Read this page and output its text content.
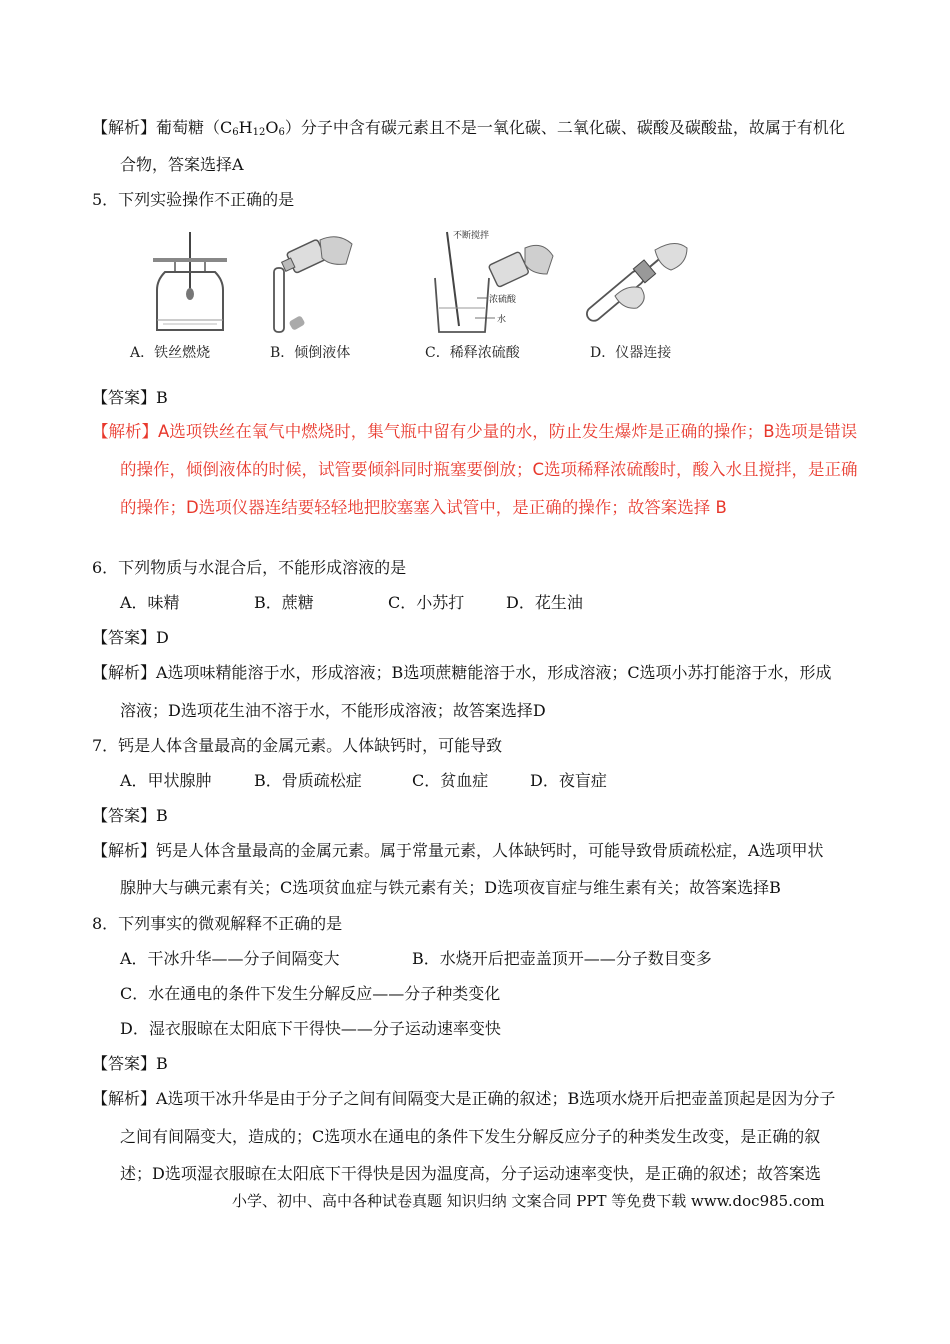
【解析】葡萄糖$(C_6H_{12}O_6)$分子中含有碳元素且不是一氧化碳、二氧化碳、碳酸及碳酸盐，故属于有机化
合物，答案选择A
5．下列实验操作不正确的是
A．铁丝燃烧	B．倾倒液体
不断搅拌
浓硫酸
水
C．稀释浓硫酸	D．仪器连接
【答案】B
【解析】A选项铁丝在氧气中燃烧时，集气瓶中留有少量的水，防止发生爆炸是正确的操作；B选项是错误
的操作，倾倒液体的时候，试管要倾斜同时瓶塞要倒放；C选项稀释浓硫酸时，酸入水且搅拌，是正确
的操作；D选项仪器连结要轻轻地把胶塞塞入试管中，是正确的操作；故答案选择 B
6．下列物质与水混合后，不能形成溶液的是
A．味精	B．蔗糖	C．小苏打	D．花生油
【答案】D
【解析】A选项味精能溶于水，形成溶液；B选项蔗糖能溶于水，形成溶液；C选项小苏打能溶于水，形成
溶液；D选项花生油不溶于水，不能形成溶液；故答案选择D
7．钙是人体含量最高的金属元素。人体缺钙时，可能导致
A．甲状腺肿	B．骨质疏松症	C．贫血症	D．夜盲症
【答案】B
【解析】钙是人体含量最高的金属元素。属于常量元素，人体缺钙时，可能导致骨质疏松症，A选项甲状
腺肿大与碘元素有关；C选项贫血症与铁元素有关；D选项夜盲症与维生素有关；故答案选择B
8．下列事实的微观解释不正确的是
A．干冰升华——分子间隔变大	B．水烧开后把壶盖顶开——分子数目变多
C．水在通电的条件下发生分解反应——分子种类变化
D．湿衣服晾在太阳底下干得快——分子运动速率变快
【答案】B
【解析】A选项干冰升华是由于分子之间有间隔变大是正确的叙述；B选项水烧开后把壶盖顶起是因为分子
之间有间隔变大，造成的；C选项水在通电的条件下发生分解反应分子的种类发生改变，是正确的叙
述；D选项湿衣服晾在太阳底下干得快是因为温度高，分子运动速率变快，是正确的叙述；故答案选
小学、初中、高中各种试卷真题 知识归纳 文案合同 PPT 等免费下载 www.doc985.com
